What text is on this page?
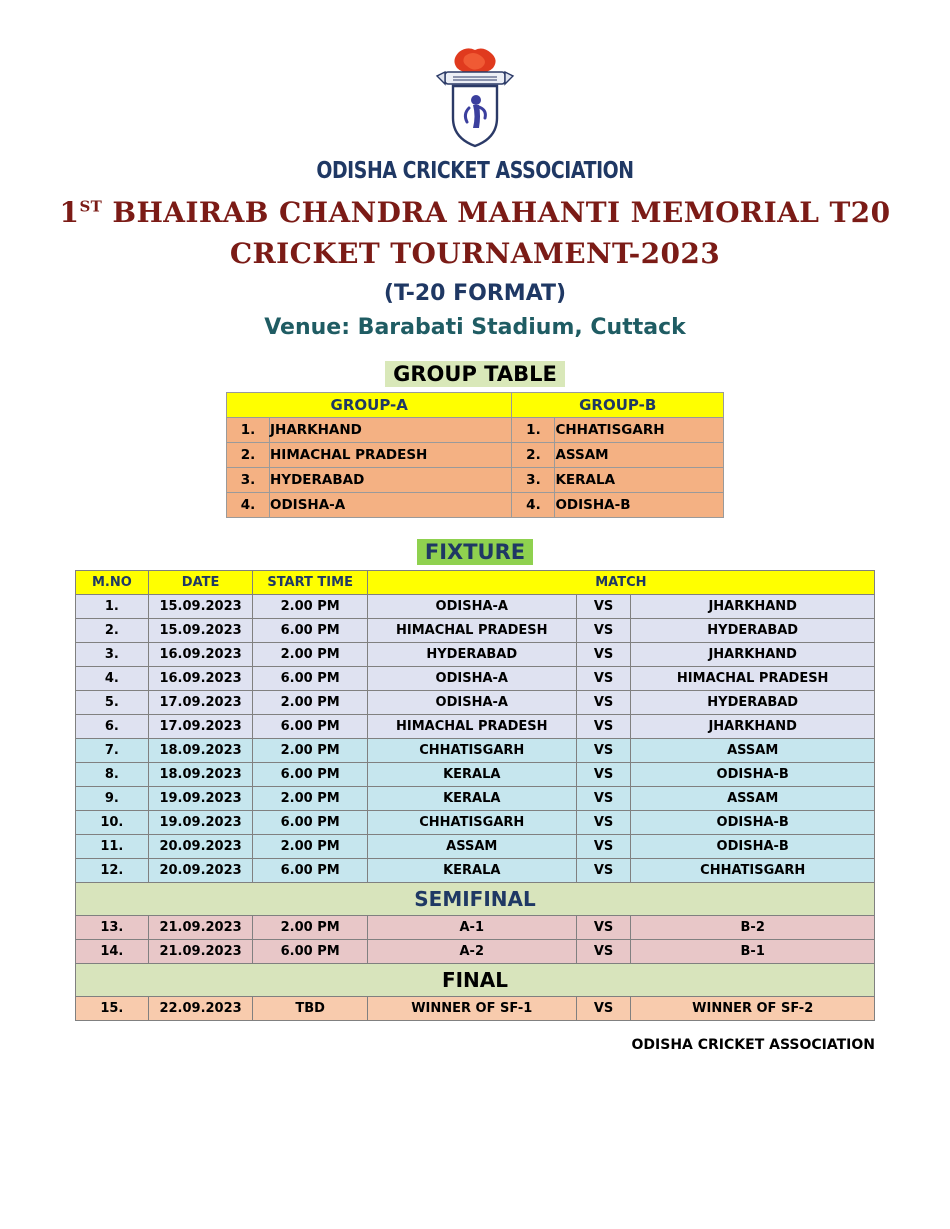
ODISHA CRICKET ASSOCIATION
1ST BHAIRAB CHANDRA MAHANTI MEMORIAL T20
CRICKET TOURNAMENT-2023
(T-20 FORMAT)
Venue: Barabati Stadium, Cuttack
GROUP TABLE
GROUP-A		GROUP-B	
1.	JHARKHAND	1.	CHHATISGARH
2.	HIMACHAL PRADESH	2.	ASSAM
3.	HYDERABAD	3.	KERALA
4.	ODISHA-A	4.	ODISHA-B
FIXTURE
M.NO	DATE	START TIME	MATCH		
1.	15.09.2023	2.00 PM	ODISHA-A	VS	JHARKHAND
2.	15.09.2023	6.00 PM	HIMACHAL PRADESH	VS	HYDERABAD
3.	16.09.2023	2.00 PM	HYDERABAD	VS	JHARKHAND
4.	16.09.2023	6.00 PM	ODISHA-A	VS	HIMACHAL PRADESH
5.	17.09.2023	2.00 PM	ODISHA-A	VS	HYDERABAD
6.	17.09.2023	6.00 PM	HIMACHAL PRADESH	VS	JHARKHAND
7.	18.09.2023	2.00 PM	CHHATISGARH	VS	ASSAM
8.	18.09.2023	6.00 PM	KERALA	VS	ODISHA-B
9.	19.09.2023	2.00 PM	KERALA	VS	ASSAM
10.	19.09.2023	6.00 PM	CHHATISGARH	VS	ODISHA-B
11.	20.09.2023	2.00 PM	ASSAM	VS	ODISHA-B
12.	20.09.2023	6.00 PM	KERALA	VS	CHHATISGARH
SEMIFINAL					
13.	21.09.2023	2.00 PM	A-1	VS	B-2
14.	21.09.2023	6.00 PM	A-2	VS	B-1
FINAL					
15.	22.09.2023	TBD	WINNER OF SF-1	VS	WINNER OF SF-2
ODISHA CRICKET ASSOCIATION
